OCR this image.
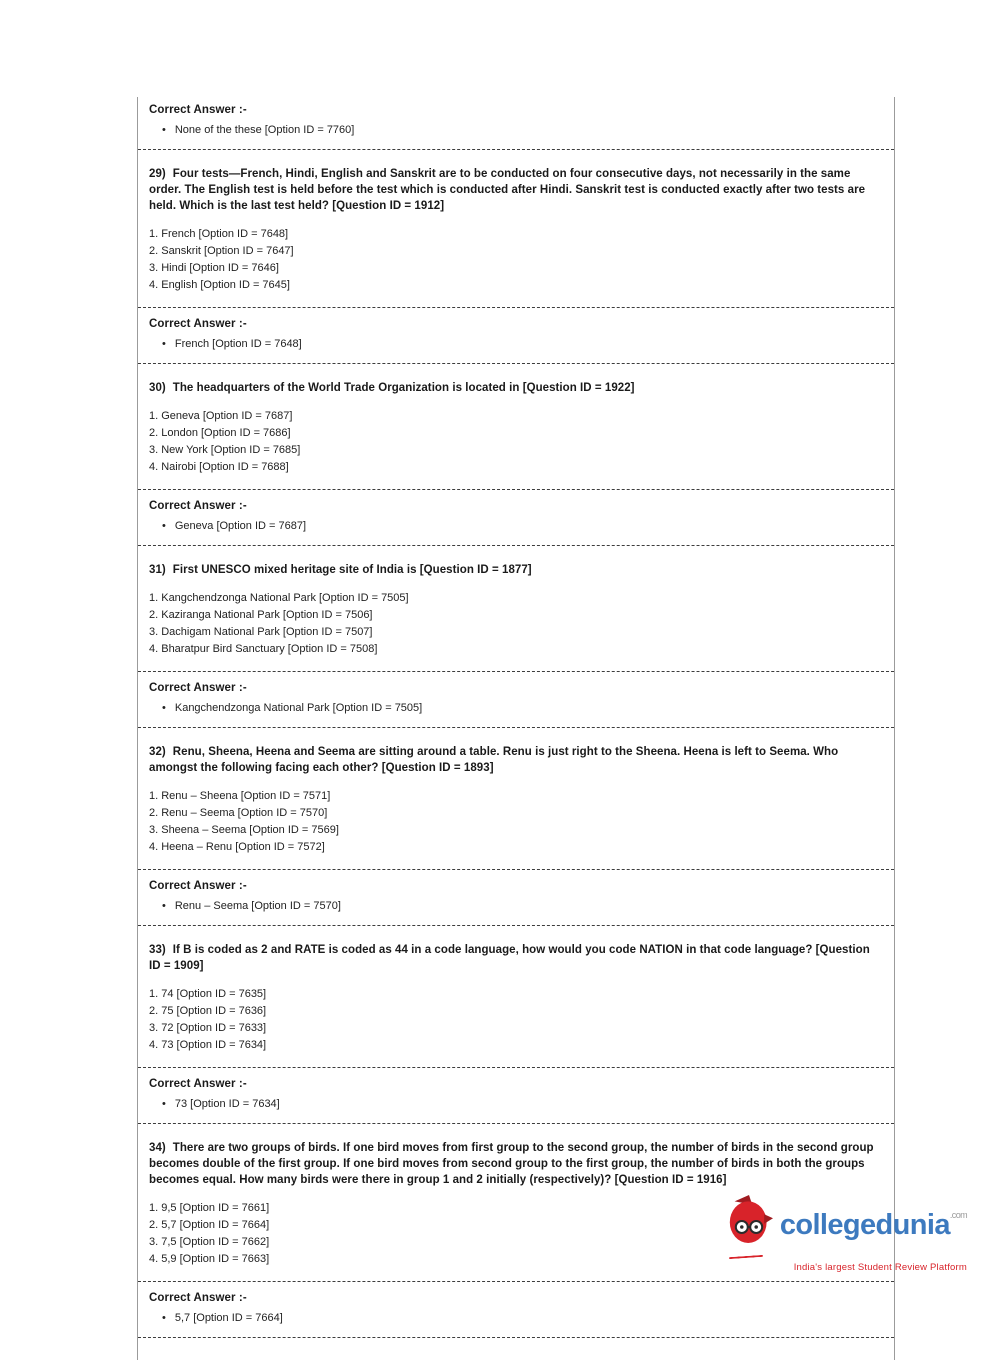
Correct Answer :-

• None of the these [Option ID = 7760]

29) Four tests—French, Hindi, English and Sanskrit are to be conducted on four consecutive days, not necessarily in the same order. The English test is held before the test which is conducted after Hindi. Sanskrit test is conducted exactly after two tests are held. Which is the last test held? [Question ID = 1912]

1. French [Option ID = 7648]
2. Sanskrit [Option ID = 7647]
3. Hindi [Option ID = 7646]
4. English [Option ID = 7645]

Correct Answer :-

• French [Option ID = 7648]

30) The headquarters of the World Trade Organization is located in [Question ID = 1922]

1. Geneva [Option ID = 7687]
2. London [Option ID = 7686]
3. New York [Option ID = 7685]
4. Nairobi [Option ID = 7688]

Correct Answer :-

• Geneva [Option ID = 7687]

31) First UNESCO mixed heritage site of India is [Question ID = 1877]

1. Kangchendzonga National Park [Option ID = 7505]
2. Kaziranga National Park [Option ID = 7506]
3. Dachigam National Park [Option ID = 7507]
4. Bharatpur Bird Sanctuary [Option ID = 7508]

Correct Answer :-

• Kangchendzonga National Park [Option ID = 7505]

32) Renu, Sheena, Heena and Seema are sitting around a table. Renu is just right to the Sheena. Heena is left to Seema. Who amongst the following facing each other? [Question ID = 1893]

1. Renu – Sheena [Option ID = 7571]
2. Renu – Seema [Option ID = 7570]
3. Sheena – Seema [Option ID = 7569]
4. Heena – Renu [Option ID = 7572]

Correct Answer :-

• Renu – Seema [Option ID = 7570]

33) If B is coded as 2 and RATE is coded as 44 in a code language, how would you code NATION in that code language? [Question ID = 1909]

1. 74 [Option ID = 7635]
2. 75 [Option ID = 7636]
3. 72 [Option ID = 7633]
4. 73 [Option ID = 7634]

Correct Answer :-

• 73 [Option ID = 7634]

34) There are two groups of birds. If one bird moves from first group to the second group, the number of birds in the second group becomes double of the first group. If one bird moves from second group to the first group, the number of birds in both the groups becomes equal. How many birds were there in group 1 and 2 initially (respectively)? [Question ID = 1916]

1. 9,5 [Option ID = 7661]
2. 5,7 [Option ID = 7664]
3. 7,5 [Option ID = 7662]
4. 5,9 [Option ID = 7663]

Correct Answer :-

• 5,7 [Option ID = 7664]

collegedunia$^{.com}$
India's largest Student Review Platform
